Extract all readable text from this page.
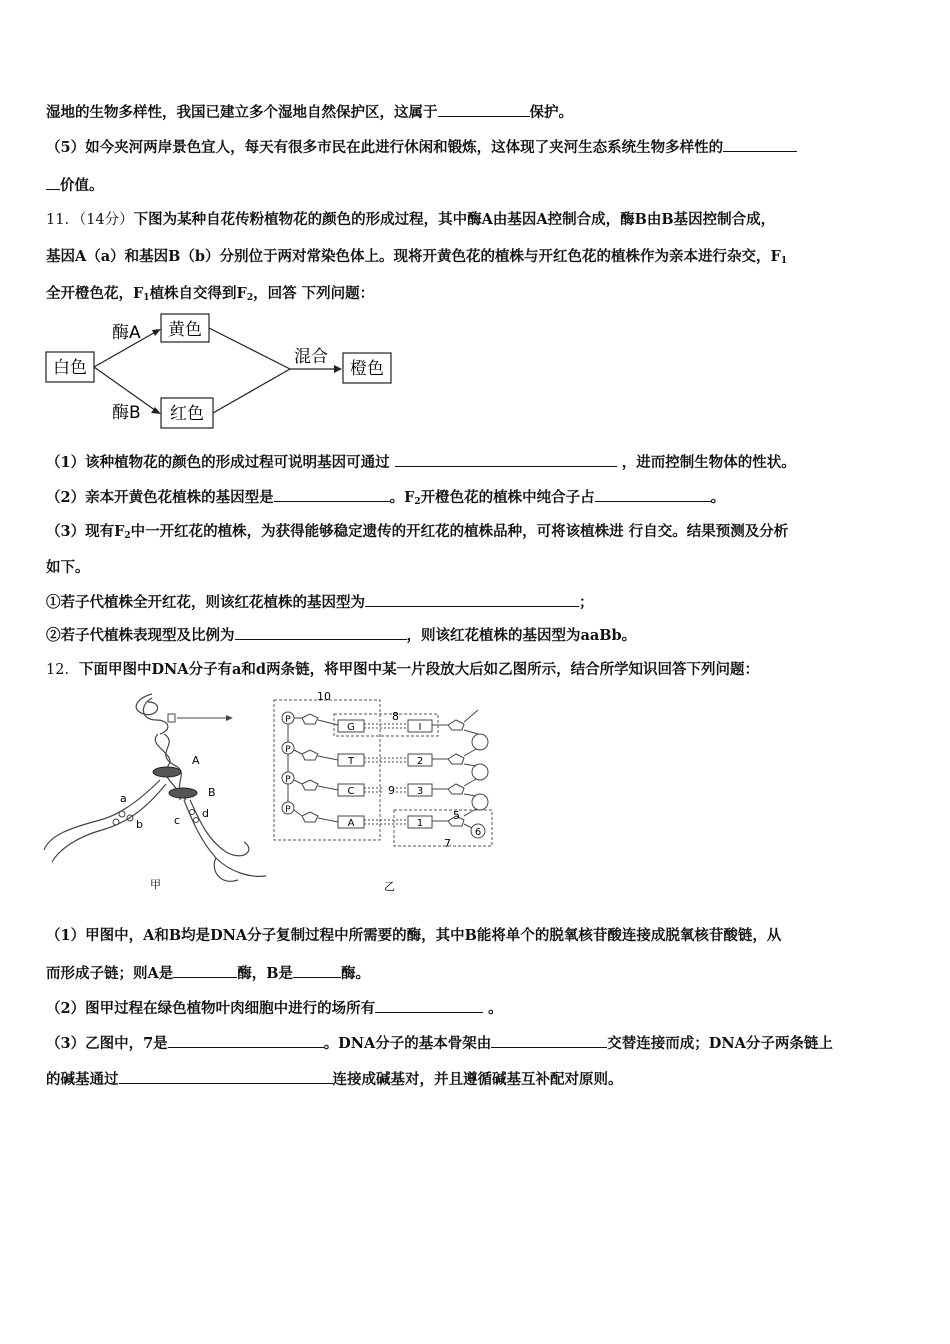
湿地的生物多样性，我国已建立多个湿地自然保护区，这属于	保护。
（5）如今夹河两岸景色宜人，每天有很多市民在此进行休闲和锻炼，这体现了夹河生态系统生物多样性的
价值。
11．（14分）下图为某种自花传粉植物花的颜色的形成过程，其中酶A由基因A控制合成，酶B由B基因控制合成，
基因A（a）和基因B（b）分别位于两对常染色体上。现将开黄色花的植株与开红色花的植株作为亲本进行杂交，$F_1$
全开橙色花，$F_1$植株自交得到$F_2$，回答 下列问题：
白色
黄色
红色
橙色
酶A
酶B
混合
（1）该种植物花的颜色的形成过程可说明基因可通过	，进而控制生物体的性状。
（2）亲本开黄色花植株的基因型是	。$F_2$开橙色花的植株中纯合子占	。
（3）现有$F_2$中一开红花的植株，为获得能够稳定遗传的开红花的植株品种，可将该植株进 行自交。结果预测及分析
如下。
①若子代植株全开红花，则该红花植株的基因型为	；
②若子代植株表现型及比例为	，则该红花植株的基因型为aaBb。
12．下面甲图中DNA分子有a和d两条链，将甲图中某一片段放大后如乙图所示，结合所学知识回答下列问题：
A
B
a
b	c
d
甲
10
8
7
P
G	I
P
T	2
P
C	9 3
P
A	1
5
6
乙
（1）甲图中，A和B均是DNA分子复制过程中所需要的酶，其中B能将单个的脱氧核苷酸连接成脱氧核苷酸链，从
而形成子链；则A是	酶，B是	酶。
（2）图甲过程在绿色植物叶肉细胞中进行的场所有	。
（3）乙图中，7是	。DNA分子的基本骨架由	交替连接而成；DNA分子两条链上
的碱基通过	连接成碱基对，并且遵循碱基互补配对原则。
